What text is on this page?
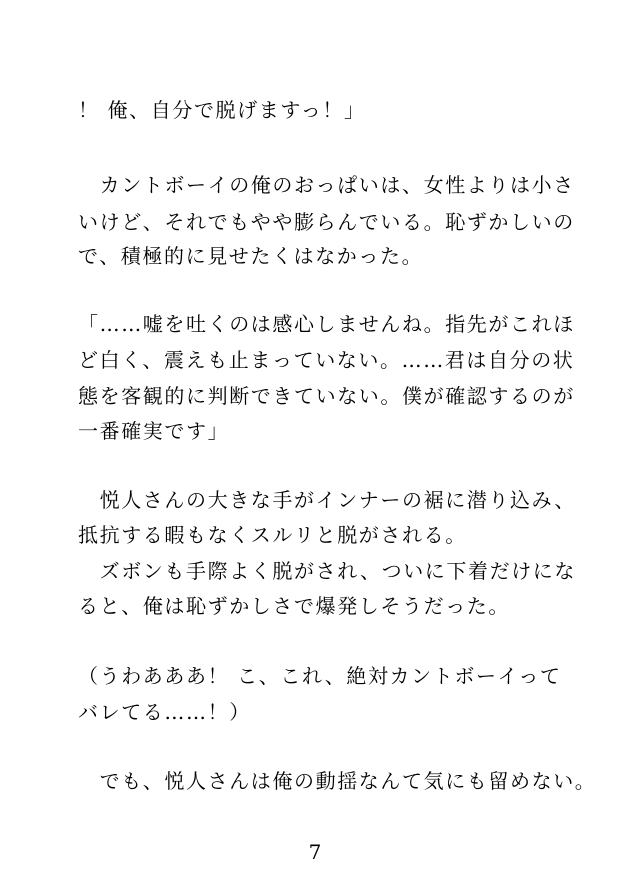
！ 俺、自分で脱げますっ！」
　カントボーイの俺のおっぱいは、女性よりは小さ
いけど、それでもやや膨らんでいる。恥ずかしいの
で、積極的に見せたくはなかった。
「……嘘を吐くのは感心しませんね。指先がこれほ
ど白く、震えも止まっていない。……君は自分の状
態を客観的に判断できていない。僕が確認するのが
一番確実です」
　悦人さんの大きな手がインナーの裾に潜り込み、
抵抗する暇もなくスルリと脱がされる。
　ズボンも手際よく脱がされ、ついに下着だけにな
ると、俺は恥ずかしさで爆発しそうだった。
（うわあああ！ こ、これ、絶対カントボーイって
バレてる……！）
　でも、悦人さんは俺の動揺なんて気にも留めない。
7
